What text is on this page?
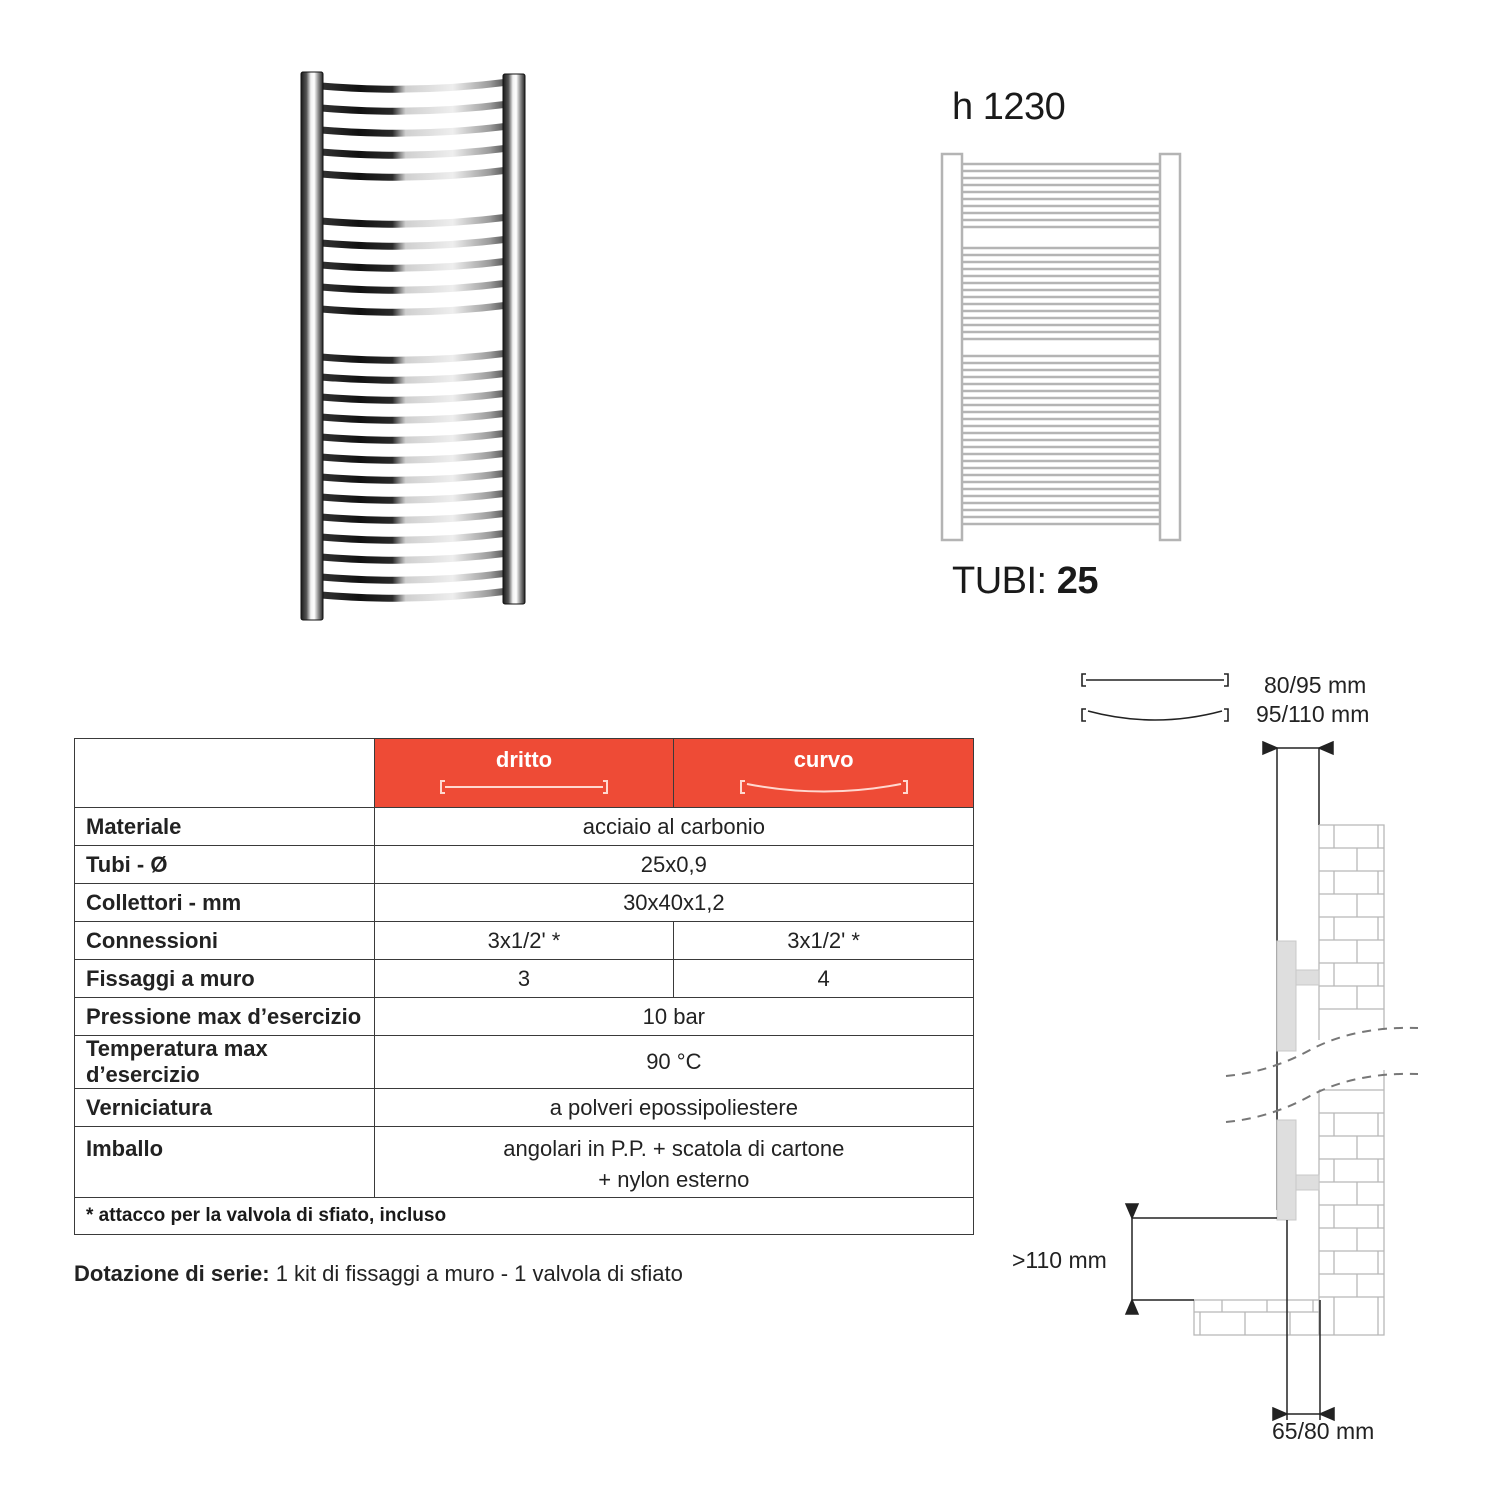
h 1230
TUBI: 25
	dritto	curvo

Materiale	acciaio al carbonio	
Tubi - Ø	25x0,9	
Collettori - mm	30x40x1,2	
Connessioni	3x1/2' *	3x1/2' *
Fissaggi a muro	3	4
Pressione max d’esercizio	10 bar	
Temperatura max d’esercizio	90 °C	
Verniciatura	a polveri epossipoliestere	
Imballo	angolari in P.P. + scatola di cartone
+ nylon esterno	

* attacco per la valvola di sfiato, incluso		
Dotazione di serie: 1 kit di fissaggi a muro - 1 valvola di sfiato
80/95 mm
95/110 mm
>110 mm
65/80 mm
